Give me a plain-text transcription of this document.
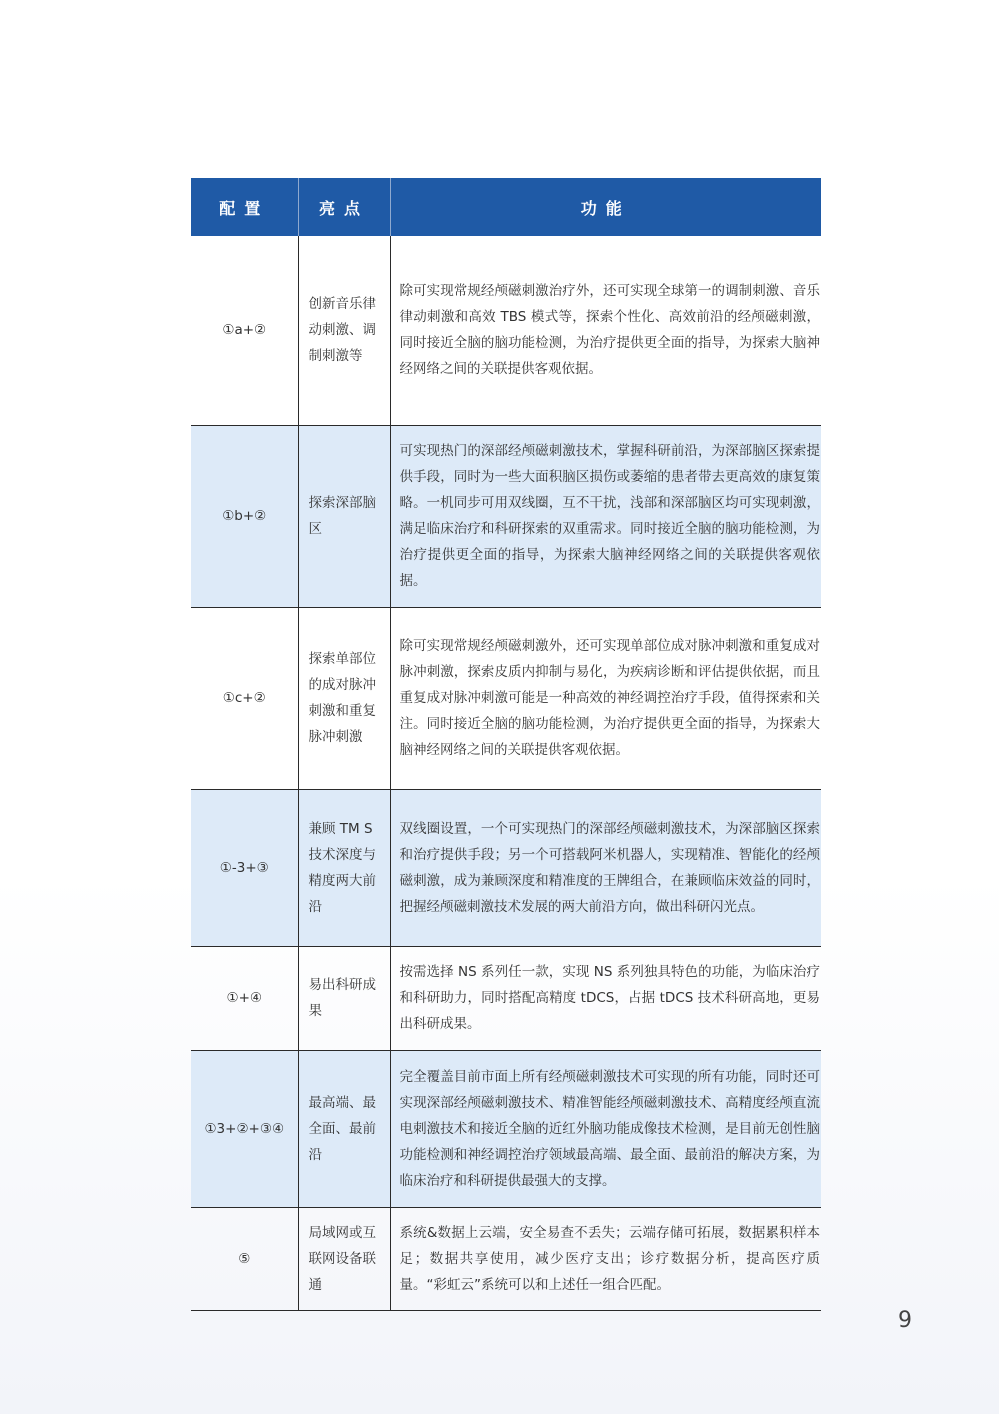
配置	亮点	功能
①a+②	创新音乐律动刺激、调制刺激等	除可实现常规经颅磁刺激治疗外，还可实现全球第一的调制刺激、音乐律动刺激和高效 TBS 模式等，探索个性化、高效前沿的经颅磁刺激，同时接近全脑的脑功能检测，为治疗提供更全面的指导，为探索大脑神经网络之间的关联提供客观依据。
①b+②	探索深部脑区	可实现热门的深部经颅磁刺激技术，掌握科研前沿，为深部脑区探索提供手段，同时为一些大面积脑区损伤或萎缩的患者带去更高效的康复策略。一机同步可用双线圈，互不干扰，浅部和深部脑区均可实现刺激，满足临床治疗和科研探索的双重需求。同时接近全脑的脑功能检测，为治疗提供更全面的指导，为探索大脑神经网络之间的关联提供客观依据。
①c+②	探索单部位的成对脉冲刺激和重复脉冲刺激	除可实现常规经颅磁刺激外，还可实现单部位成对脉冲刺激和重复成对脉冲刺激，探索皮质内抑制与易化，为疾病诊断和评估提供依据，而且重复成对脉冲刺激可能是一种高效的神经调控治疗手段，值得探索和关注。同时接近全脑的脑功能检测，为治疗提供更全面的指导，为探索大脑神经网络之间的关联提供客观依据。
①-3+③	兼顾 TM S 技术深度与精度两大前沿	双线圈设置，一个可实现热门的深部经颅磁刺激技术，为深部脑区探索和治疗提供手段；另一个可搭载阿米机器人，实现精准、智能化的经颅磁刺激，成为兼顾深度和精准度的王牌组合，在兼顾临床效益的同时，把握经颅磁刺激技术发展的两大前沿方向，做出科研闪光点。
①+④	易出科研成果	按需选择 NS 系列任一款，实现 NS 系列独具特色的功能，为临床治疗和科研助力，同时搭配高精度 tDCS，占据 tDCS 技术科研高地，更易出科研成果。
①3+②+③④	最高端、最全面、最前沿	完全覆盖目前市面上所有经颅磁刺激技术可实现的所有功能，同时还可实现深部经颅磁刺激技术、精准智能经颅磁刺激技术、高精度经颅直流电刺激技术和接近全脑的近红外脑功能成像技术检测，是目前无创性脑功能检测和神经调控治疗领域最高端、最全面、最前沿的解决方案，为临床治疗和科研提供最强大的支撑。
⑤	局域网或互联网设备联通	系统&数据上云端，安全易查不丢失；云端存储可拓展，数据累积样本足；数据共享使用，减少医疗支出；诊疗数据分析，提高医疗质量。“彩虹云”系统可以和上述任一组合匹配。
9
